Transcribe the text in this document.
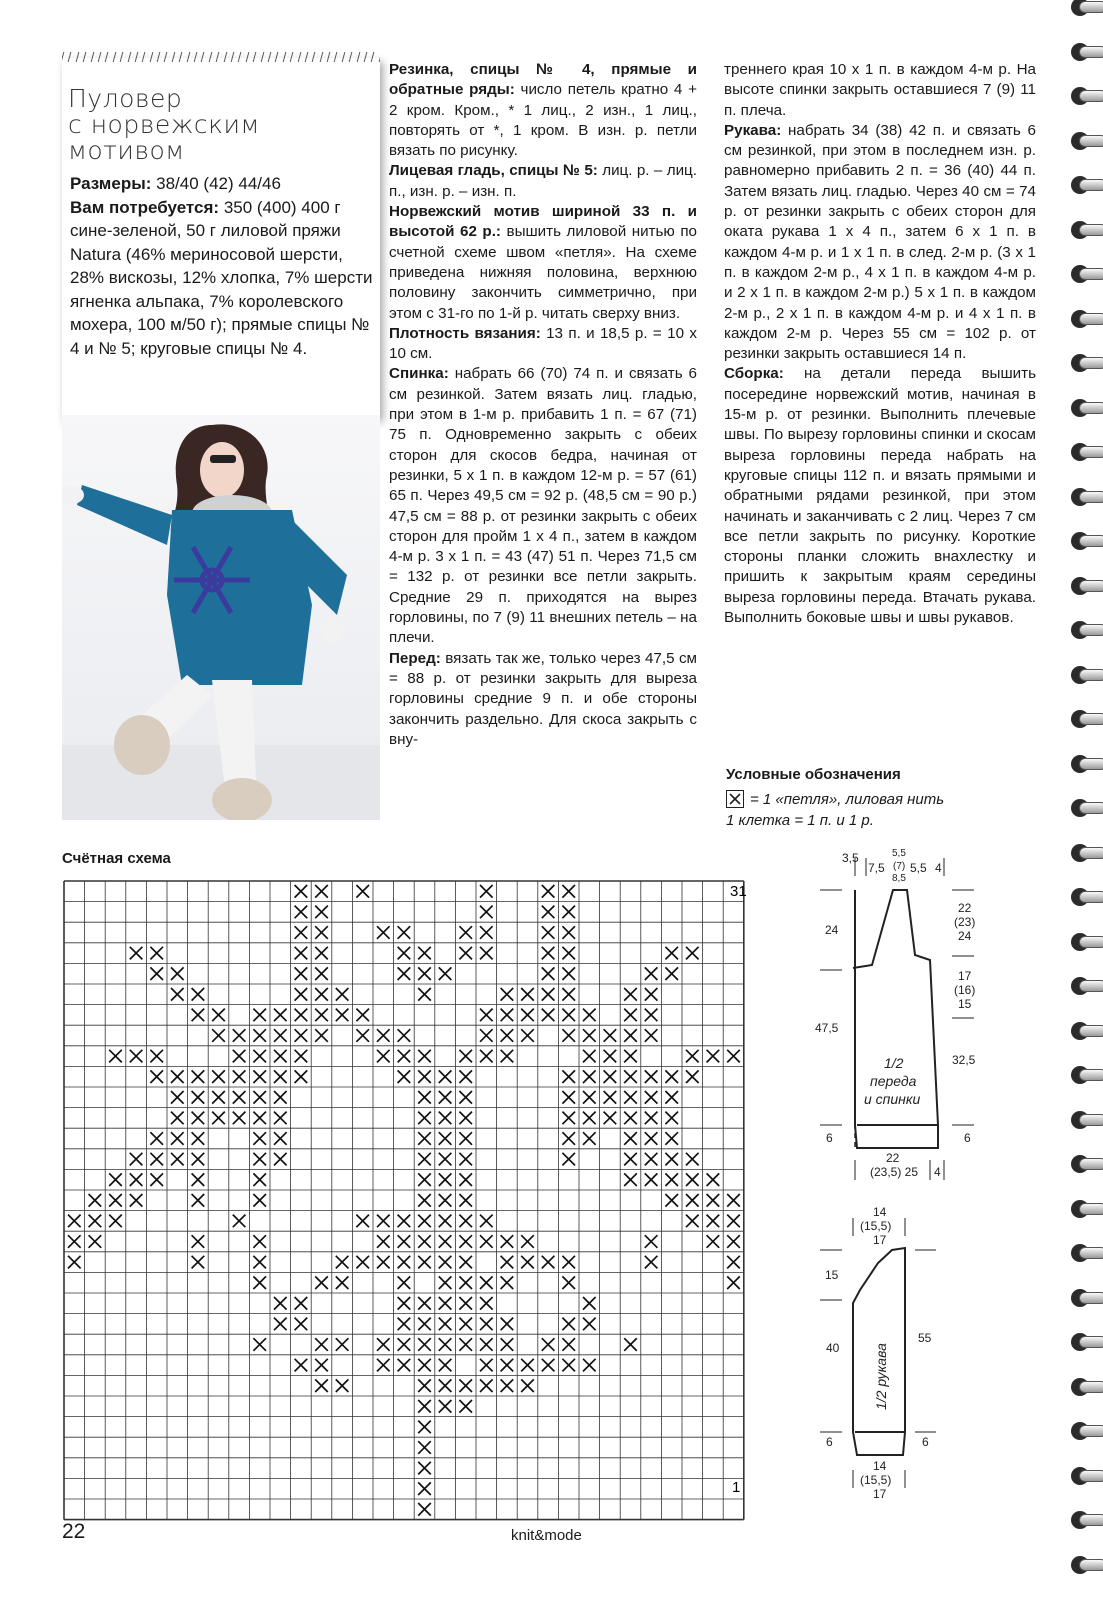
Пуловер
с норвежским
мотивом
Размеры: 38/40 (42) 44/46
Вам потребуется: 350 (400) 400 г сине-зеленой, 50 г лиловой пряжи Natura (46% мериносовой шерсти, 28% вискозы, 12% хлопка, 7% шерсти ягненка альпака, 7% королевского мохера, 100 м/50 г); прямые спицы № 4 и № 5; круговые спицы № 4.

Резинка, спицы № 4, прямые и обратные ряды: число петель кратно 4 + 2 кром. Кром., * 1 лиц., 2 изн., 1 лиц., повторять от *, 1 кром. В изн. р. петли вязать по рисунку.

Лицевая гладь, спицы № 5: лиц. р. – лиц. п., изн. р. – изн. п.

Норвежский мотив шириной 33 п. и высотой 62 р.: вышить лиловой нитью по счетной схеме швом «петля». На схеме приведена нижняя половина, верхнюю половину закончить симметрично, при этом с 31-го по 1-й р. читать сверху вниз.

Плотность вязания: 13 п. и 18,5 р. = 10 х 10 см.

Спинка: набрать 66 (70) 74 п. и связать 6 см резинкой. Затем вязать лиц. гладью, при этом в 1-м р. прибавить 1 п. = 67 (71) 75 п. Одновременно закрыть с обеих сторон для скосов бедра, начиная от резинки, 5 х 1 п. в каждом 12-м р. = 57 (61) 65 п. Через 49,5 см = 92 р. (48,5 см = 90 р.) 47,5 см = 88 р. от резинки закрыть с обеих сторон для пройм 1 х 4 п., затем в каждом 4-м р. 3 х 1 п. = 43 (47) 51 п. Через 71,5 см = 132 р. от резинки все петли закрыть. Средние 29 п. приходятся на вырез горловины, по 7 (9) 11 внешних петель – на плечи.

Перед: вязать так же, только через 47,5 см = 88 р. от резинки закрыть для выреза горловины средние 9 п. и обе стороны закончить раздельно. Для скоса закрыть с вну-

треннего края 10 х 1 п. в каждом 4-м р. На высоте спинки закрыть оставшиеся 7 (9) 11 п. плеча.

Рукава: набрать 34 (38) 42 п. и связать 6 см резинкой, при этом в последнем изн. р. равномерно прибавить 2 п. = 36 (40) 44 п. Затем вязать лиц. гладью. Через 40 см = 74 р. от резинки закрыть с обеих сторон для оката рукава 1 х 4 п., затем 6 х 1 п. в каждом 4-м р. и 1 х 1 п. в след. 2-м р. (3 х 1 п. в каждом 2-м р., 4 х 1 п. в каждом 4-м р. и 2 х 1 п. в каждом 2-м р.) 5 х 1 п. в каждом 2-м р., 2 х 1 п. в каждом 4-м р. и 4 х 1 п. в каждом 2-м р. Через 55 см = 102 р. от резинки закрыть оставшиеся 14 п.

Сборка: на детали переда вышить посередине норвежский мотив, начиная в 15-м р. от резинки. Выполнить плечевые швы. По вырезу горловины спинки и скосам выреза горловины переда набрать на круговые спицы 112 п. и вязать прямыми и обратными рядами резинкой, при этом начинать и заканчивать с 2 лиц. Через 7 см все петли закрыть по рисунку. Короткие стороны планки сложить внахлестку и пришить к закрытым краям середины выреза горловины переда. Втачать рукава. Выполнить боковые швы и швы рукавов.

Условные обозначения
= 1 «петля», лиловая нить
1 клетка = 1 п. и 1 р.
Счётная схема
31
1
3,5
7,5
5,5
(7)
8,5
5,5 4
24
47,5
6
22
(23)
24
17
(16)
15
32,5
6
1/2
переда
и спинки
22
(23,5) 25 4
14
(15,5)
17
15
40
6
55
6
1/2 рукава
14
(15,5)
17
22	knit&mode
